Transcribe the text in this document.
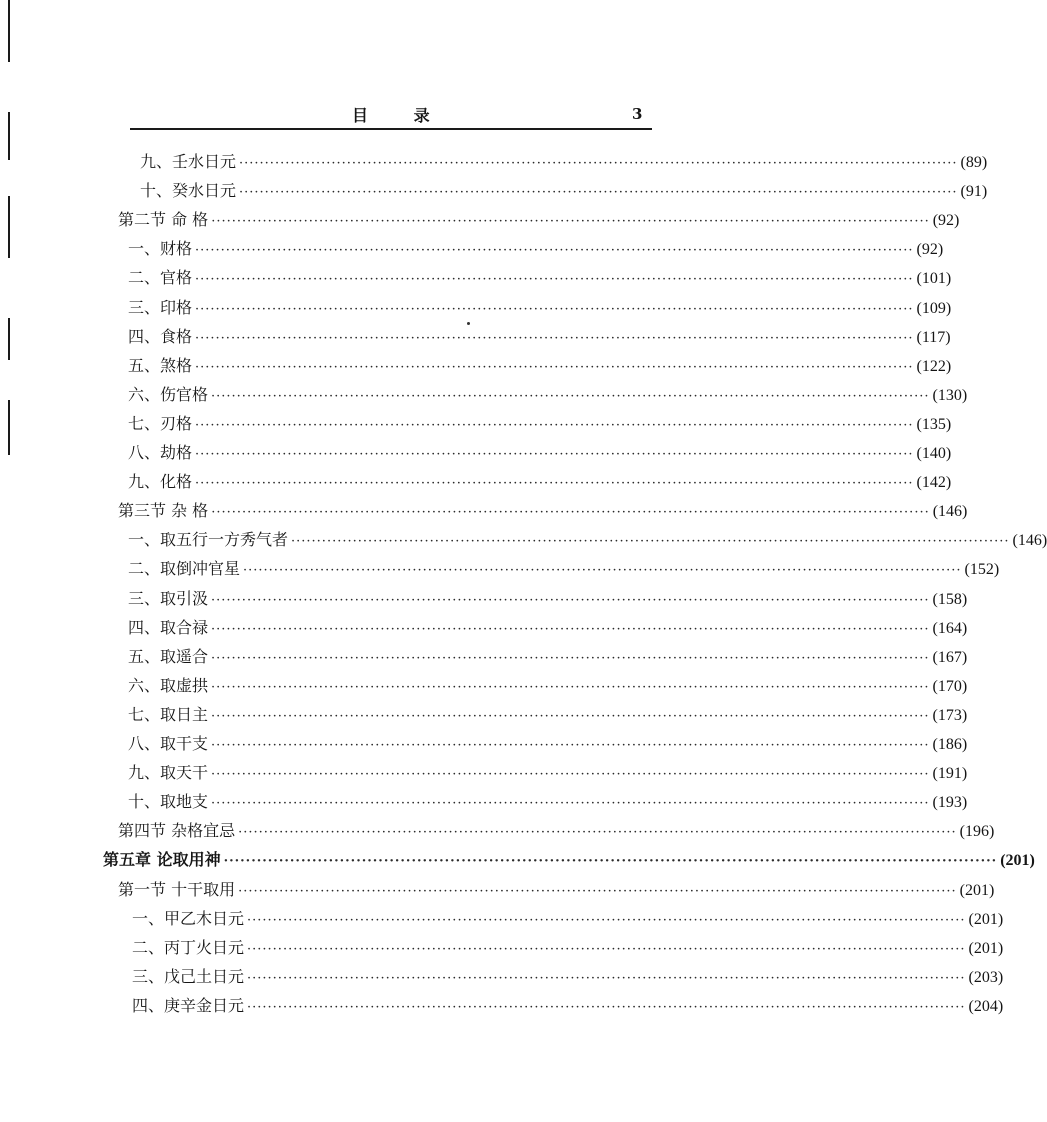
目 录	3
九、壬水日元 ············································································································································ (89)
十、癸水日元 ············································································································································ (91)
第二节 命 格 ············································································································································ (92)
一、财格 ············································································································································ (92)
二、官格 ············································································································································ (101)
三、印格 ············································································································································ (109)
四、食格 ············································································································································ (117)
五、煞格 ············································································································································ (122)
六、伤官格 ············································································································································ (130)
七、刃格 ············································································································································ (135)
八、劫格 ············································································································································ (140)
九、化格 ············································································································································ (142)
第三节 杂 格 ············································································································································ (146)
一、取五行一方秀气者 ············································································································································ (146)
二、取倒冲官星 ············································································································································ (152)
三、取引汲 ············································································································································ (158)
四、取合禄 ············································································································································ (164)
五、取遥合 ············································································································································ (167)
六、取虚拱 ············································································································································ (170)
七、取日主 ············································································································································ (173)
八、取干支 ············································································································································ (186)
九、取天干 ············································································································································ (191)
十、取地支 ············································································································································ (193)
第四节 杂格宜忌 ············································································································································ (196)
第五章 论取用神 ············································································································································ (201)
第一节 十干取用 ············································································································································ (201)
一、甲乙木日元 ············································································································································ (201)
二、丙丁火日元 ············································································································································ (201)
三、戊己土日元 ············································································································································ (203)
四、庚辛金日元 ············································································································································ (204)
